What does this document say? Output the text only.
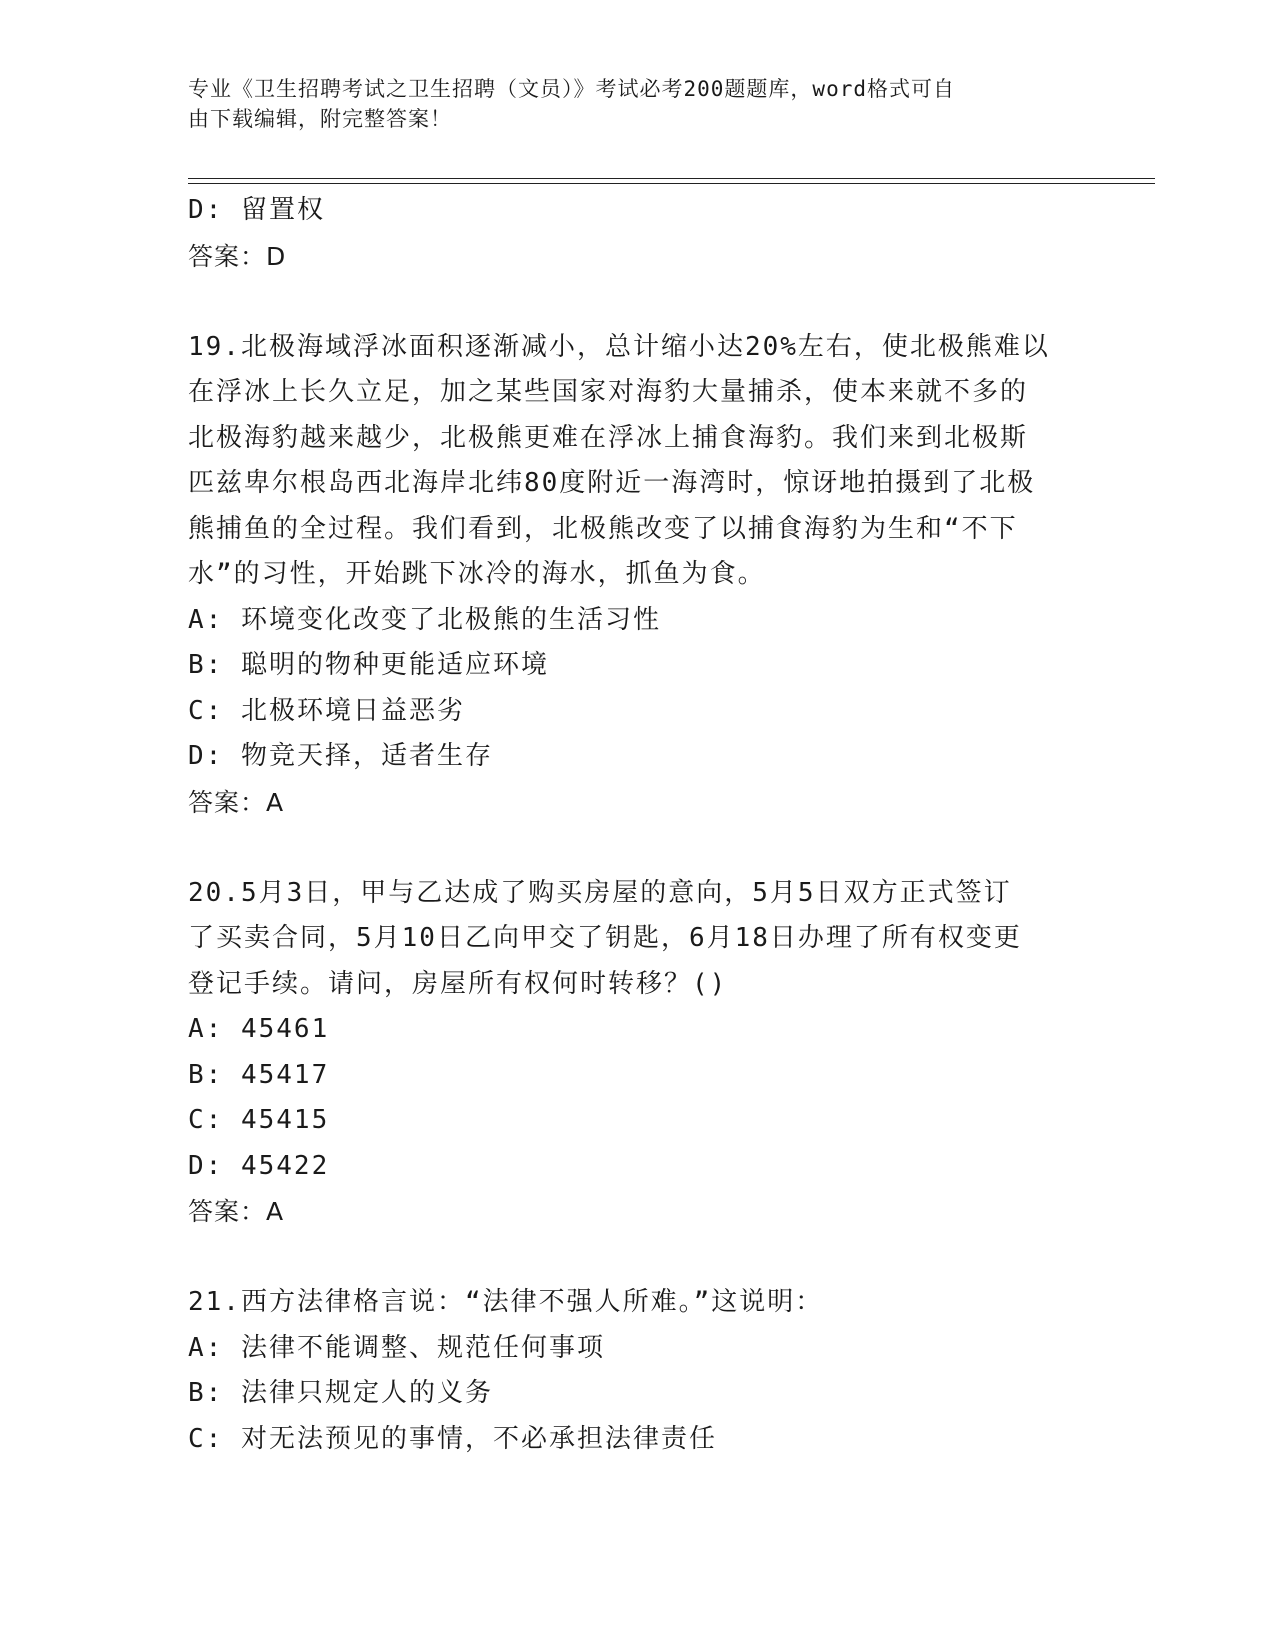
专业《卫生招聘考试之卫生招聘（文员）》考试必考200题题库，word格式可自
由下载编辑，附完整答案！
D: 留置权
答案：D
19.北极海域浮冰面积逐渐减小，总计缩小达20%左右，使北极熊难以
在浮冰上长久立足，加之某些国家对海豹大量捕杀，使本来就不多的
北极海豹越来越少，北极熊更难在浮冰上捕食海豹。我们来到北极斯
匹兹卑尔根岛西北海岸北纬80度附近一海湾时，惊讶地拍摄到了北极
熊捕鱼的全过程。我们看到，北极熊改变了以捕食海豹为生和“不下
水”的习性，开始跳下冰冷的海水，抓鱼为食。
A: 环境变化改变了北极熊的生活习性
B: 聪明的物种更能适应环境
C: 北极环境日益恶劣
D: 物竞天择，适者生存
答案：A
20.5月3日，甲与乙达成了购买房屋的意向，5月5日双方正式签订
了买卖合同，5月10日乙向甲交了钥匙，6月18日办理了所有权变更
登记手续。请问，房屋所有权何时转移？()
A: 45461
B: 45417
C: 45415
D: 45422
答案：A
21.西方法律格言说：“法律不强人所难。”这说明：
A: 法律不能调整、规范任何事项
B: 法律只规定人的义务
C: 对无法预见的事情，不必承担法律责任
